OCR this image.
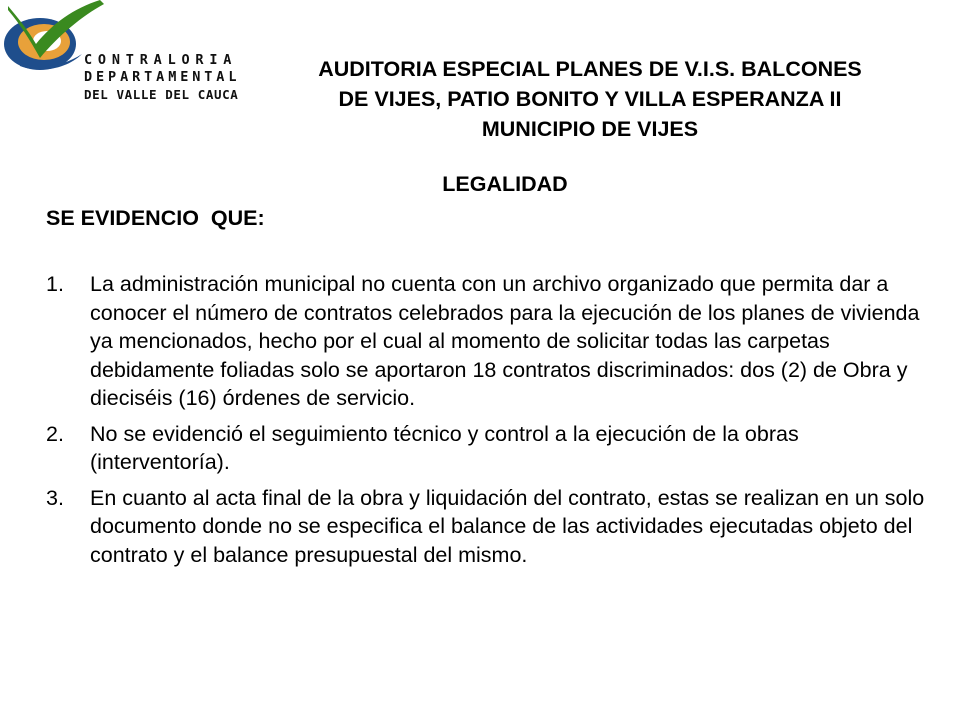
CONTRALORIA
DEPARTAMENTAL
DEL VALLE DEL CAUCA
AUDITORIA ESPECIAL PLANES DE V.I.S. BALCONES
DE VIJES, PATIO BONITO Y VILLA ESPERANZA II
MUNICIPIO DE VIJES
LEGALIDAD
SE EVIDENCIO  QUE:
1. La administración municipal no cuenta con un archivo organizado que permita dar a conocer el número de contratos celebrados para la ejecución de los planes de vivienda ya mencionados, hecho por el cual al momento de solicitar todas las carpetas debidamente foliadas solo se aportaron 18 contratos discriminados: dos (2) de Obra y dieciséis (16) órdenes de servicio.
2. No se evidenció el seguimiento técnico y control a la ejecución de la obras (interventoría).
3. En cuanto al acta final de la obra y liquidación del contrato, estas se realizan en un solo documento donde no se especifica el balance de las actividades ejecutadas objeto del contrato y el balance presupuestal del mismo.
